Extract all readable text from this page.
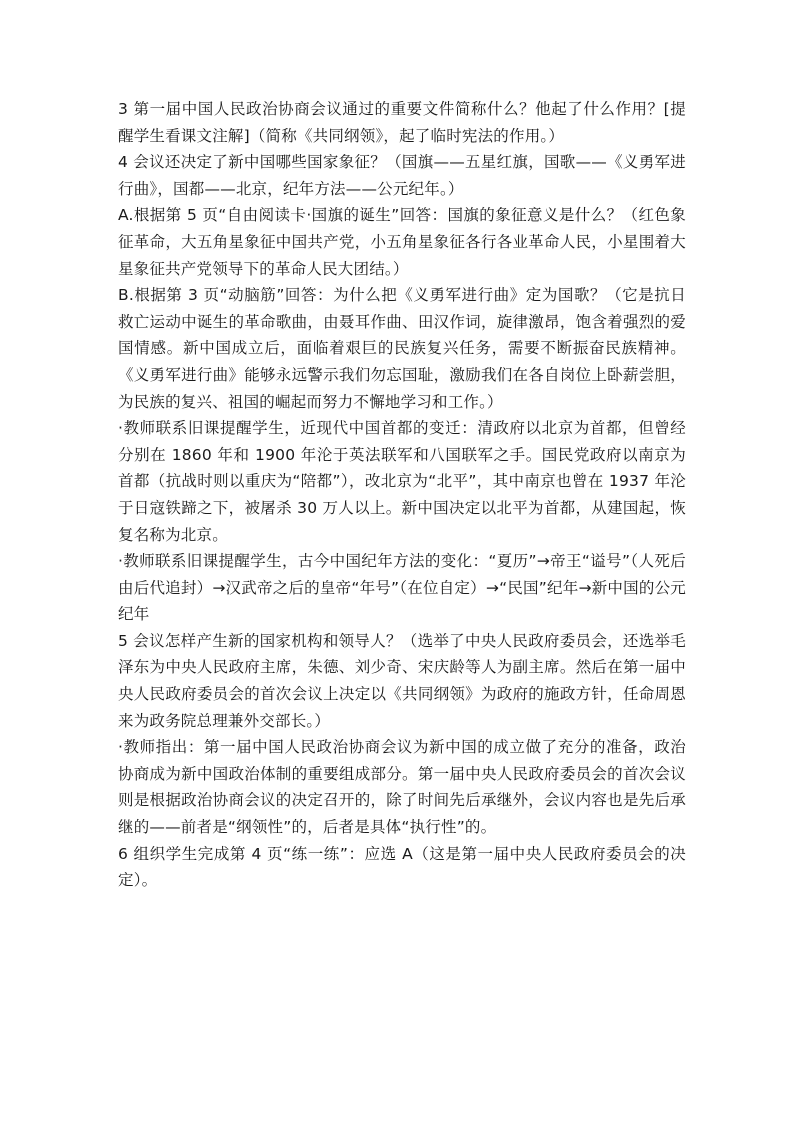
3 第一届中国人民政治协商会议通过的重要文件简称什么？他起了什么作用？[提醒学生看课文注解]（简称《共同纲领》，起了临时宪法的作用。）

4 会议还决定了新中国哪些国家象征？（国旗——五星红旗，国歌——《义勇军进行曲》，国都——北京，纪年方法——公元纪年。）

A.根据第 5 页“自由阅读卡·国旗的诞生”回答：国旗的象征意义是什么？（红色象征革命，大五角星象征中国共产党，小五角星象征各行各业革命人民，小星围着大星象征共产党领导下的革命人民大团结。）

B.根据第 3 页“动脑筋”回答：为什么把《义勇军进行曲》定为国歌？（它是抗日救亡运动中诞生的革命歌曲，由聂耳作曲、田汉作词，旋律激昂，饱含着强烈的爱国情感。新中国成立后，面临着艰巨的民族复兴任务，需要不断振奋民族精神。《义勇军进行曲》能够永远警示我们勿忘国耻，激励我们在各自岗位上卧薪尝胆，为民族的复兴、祖国的崛起而努力不懈地学习和工作。）

·教师联系旧课提醒学生，近现代中国首都的变迁：清政府以北京为首都，但曾经分别在 1860 年和 1900 年沦于英法联军和八国联军之手。国民党政府以南京为首都（抗战时则以重庆为“陪都”），改北京为“北平”，其中南京也曾在 1937 年沦于日寇铁蹄之下，被屠杀 30 万人以上。新中国决定以北平为首都，从建国起，恢复名称为北京。

·教师联系旧课提醒学生，古今中国纪年方法的变化：“夏历”→帝王“谥号”（人死后由后代追封）→汉武帝之后的皇帝“年号”（在位自定）→“民国”纪年→新中国的公元纪年

5 会议怎样产生新的国家机构和领导人？（选举了中央人民政府委员会，还选举毛泽东为中央人民政府主席，朱德、刘少奇、宋庆龄等人为副主席。然后在第一届中央人民政府委员会的首次会议上决定以《共同纲领》为政府的施政方针，任命周恩来为政务院总理兼外交部长。）

·教师指出：第一届中国人民政治协商会议为新中国的成立做了充分的准备，政治协商成为新中国政治体制的重要组成部分。第一届中央人民政府委员会的首次会议则是根据政治协商会议的决定召开的，除了时间先后承继外，会议内容也是先后承继的——前者是“纲领性”的，后者是具体“执行性”的。

6 组织学生完成第 4 页“练一练”：应选 A（这是第一届中央人民政府委员会的决定）。
